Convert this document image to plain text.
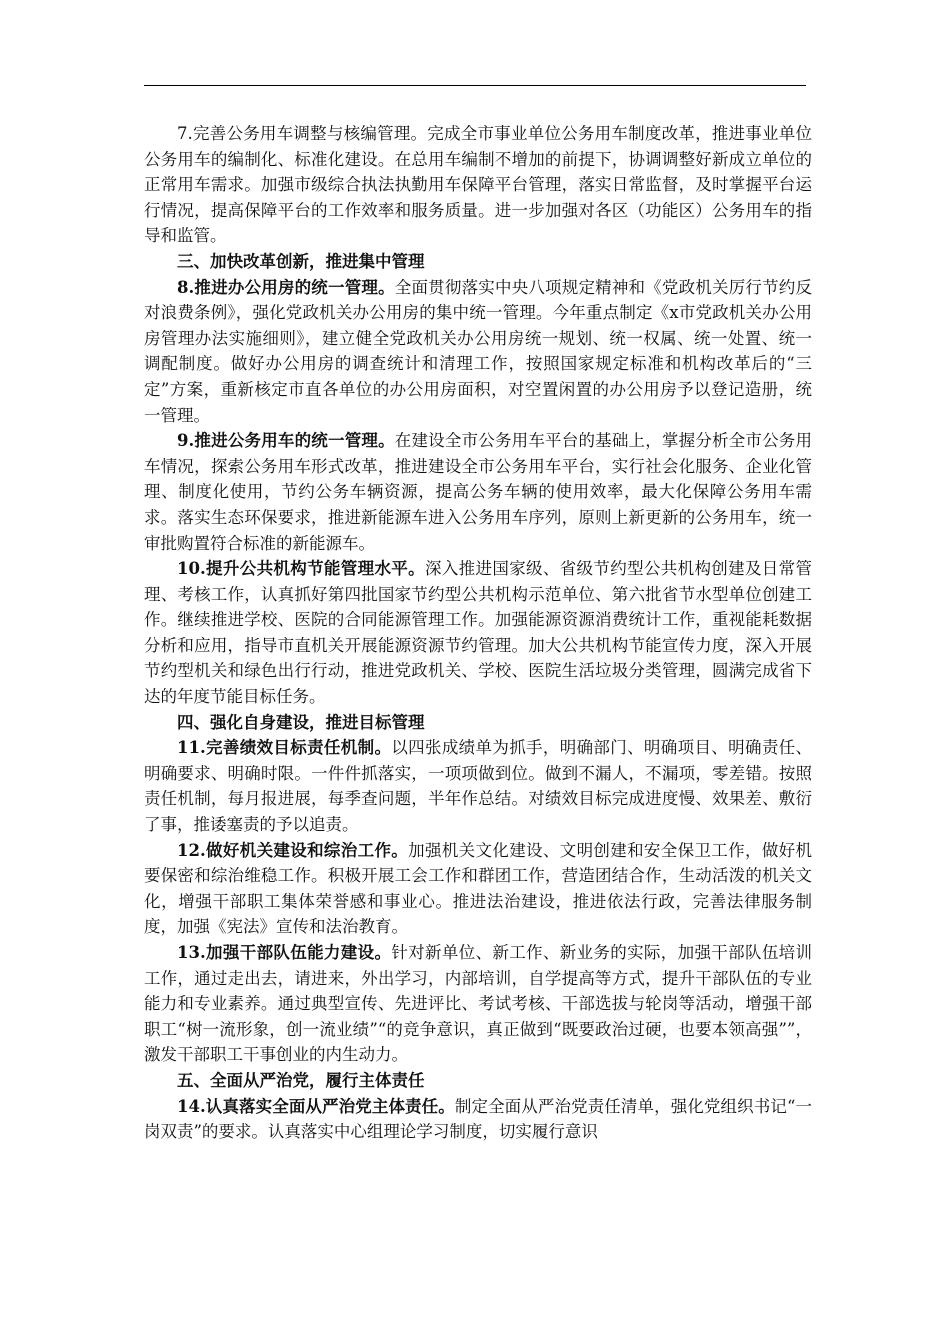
7.完善公务用车调整与核编管理。完成全市事业单位公务用车制度改革，推进事业单位公务用车的编制化、标准化建设。在总用车编制不增加的前提下，协调调整好新成立单位的正常用车需求。加强市级综合执法执勤用车保障平台管理，落实日常监督，及时掌握平台运行情况，提高保障平台的工作效率和服务质量。进一步加强对各区（功能区）公务用车的指导和监管。

三、加快改革创新，推进集中管理

8.推进办公用房的统一管理。全面贯彻落实中央八项规定精神和《党政机关厉行节约反对浪费条例》，强化党政机关办公用房的集中统一管理。今年重点制定《x市党政机关办公用房管理办法实施细则》，建立健全党政机关办公用房统一规划、统一权属、统一处置、统一调配制度。做好办公用房的调查统计和清理工作，按照国家规定标准和机构改革后的“三定”方案，重新核定市直各单位的办公用房面积，对空置闲置的办公用房予以登记造册，统一管理。

9.推进公务用车的统一管理。在建设全市公务用车平台的基础上，掌握分析全市公务用车情况，探索公务用车形式改革，推进建设全市公务用车平台，实行社会化服务、企业化管理、制度化使用，节约公务车辆资源，提高公务车辆的使用效率，最大化保障公务用车需求。落实生态环保要求，推进新能源车进入公务用车序列，原则上新更新的公务用车，统一审批购置符合标准的新能源车。

10.提升公共机构节能管理水平。深入推进国家级、省级节约型公共机构创建及日常管理、考核工作，认真抓好第四批国家节约型公共机构示范单位、第六批省节水型单位创建工作。继续推进学校、医院的合同能源管理工作。加强能源资源消费统计工作，重视能耗数据分析和应用，指导市直机关开展能源资源节约管理。加大公共机构节能宣传力度，深入开展节约型机关和绿色出行行动，推进党政机关、学校、医院生活垃圾分类管理，圆满完成省下达的年度节能目标任务。

四、强化自身建设，推进目标管理

11.完善绩效目标责任机制。以四张成绩单为抓手，明确部门、明确项目、明确责任、明确要求、明确时限。一件件抓落实，一项项做到位。做到不漏人，不漏项，零差错。按照责任机制，每月报进展，每季查问题，半年作总结。对绩效目标完成进度慢、效果差、敷衍了事，推诿塞责的予以追责。

12.做好机关建设和综治工作。加强机关文化建设、文明创建和安全保卫工作，做好机要保密和综治维稳工作。积极开展工会工作和群团工作，营造团结合作，生动活泼的机关文化，增强干部职工集体荣誉感和事业心。推进法治建设，推进依法行政，完善法律服务制度，加强《宪法》宣传和法治教育。

13.加强干部队伍能力建设。针对新单位、新工作、新业务的实际，加强干部队伍培训工作，通过走出去，请进来，外出学习，内部培训，自学提高等方式，提升干部队伍的专业能力和专业素养。通过典型宣传、先进评比、考试考核、干部选拔与轮岗等活动，增强干部职工“树一流形象，创一流业绩”“的竞争意识，真正做到“既要政治过硬，也要本领高强””，激发干部职工干事创业的内生动力。

五、全面从严治党，履行主体责任

14.认真落实全面从严治党主体责任。制定全面从严治党责任清单，强化党组织书记“一岗双责”的要求。认真落实中心组理论学习制度，切实履行意识
